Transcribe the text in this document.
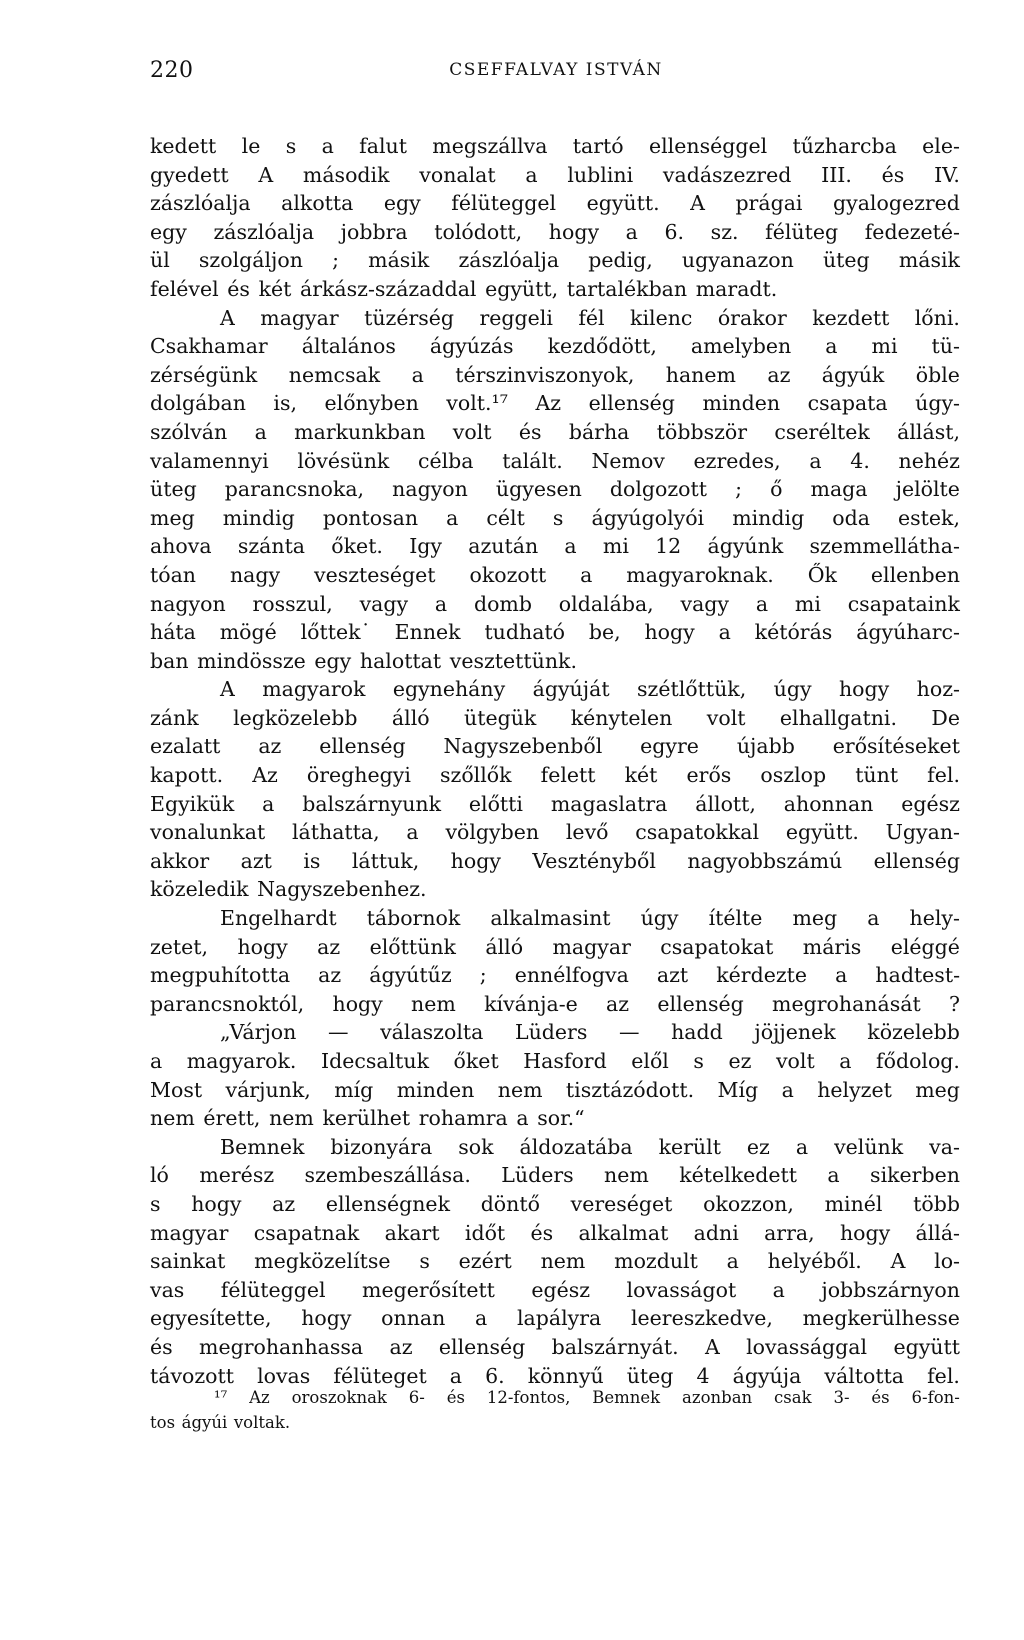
220	CSEFFALVAY ISTVÁN
kedett le s a falut megszállva tartó ellenséggel tűzharcba ele-
gyedett A második vonalat a lublini vadászezred III. és IV.
zászlóalja alkotta egy félüteggel együtt. A prágai gyalogezred
egy zászlóalja jobbra tolódott, hogy a 6. sz. félüteg fedezeté-
ül szolgáljon ; másik zászlóalja pedig, ugyanazon üteg másik
felével és két árkász-századdal együtt, tartalékban maradt.
A magyar tüzérség reggeli fél kilenc órakor kezdett lőni.
Csakhamar általános ágyúzás kezdődött, amelyben a mi tü-
zérségünk nemcsak a térszinviszonyok, hanem az ágyúk öble
dolgában is, előnyben volt.¹⁷ Az ellenség minden csapata úgy-
szólván a markunkban volt és bárha többször cseréltek állást,
valamennyi lövésünk célba talált. Nemov ezredes, a 4. nehéz
üteg parancsnoka, nagyon ügyesen dolgozott ; ő maga jelölte
meg mindig pontosan a célt s ágyúgolyói mindig oda estek,
ahova szánta őket. Igy azután a mi 12 ágyúnk szemmellátha-
tóan nagy veszteséget okozott a magyaroknak. Ők ellenben
nagyon rosszul, vagy a domb oldalába, vagy a mi csapataink
háta mögé lőttek˙ Ennek tudható be, hogy a kétórás ágyúharc-
ban mindössze egy halottat vesztettünk.
A magyarok egynehány ágyúját szétlőttük, úgy hogy hoz-
zánk legközelebb álló ütegük kénytelen volt elhallgatni. De
ezalatt az ellenség Nagyszebenből egyre újabb erősítéseket
kapott. Az öreghegyi szőllők felett két erős oszlop tünt fel.
Egyikük a balszárnyunk előtti magaslatra állott, ahonnan egész
vonalunkat láthatta, a völgyben levő csapatokkal együtt. Ugyan-
akkor azt is láttuk, hogy Vesztényből nagyobbszámú ellenség
közeledik Nagyszebenhez.
Engelhardt tábornok alkalmasint úgy ítélte meg a hely-
zetet, hogy az előttünk álló magyar csapatokat máris eléggé
megpuhította az ágyútűz ; ennélfogva azt kérdezte a hadtest-
parancsnoktól, hogy nem kívánja-e az ellenség megrohanását ?
„Várjon — válaszolta Lüders — hadd jöjjenek közelebb
a magyarok. Idecsaltuk őket Hasford elől s ez volt a fődolog.
Most várjunk, míg minden nem tisztázódott. Míg a helyzet meg
nem érett, nem kerülhet rohamra a sor.“
Bemnek bizonyára sok áldozatába került ez a velünk va-
ló merész szembeszállása. Lüders nem kételkedett a sikerben
s hogy az ellenségnek döntő vereséget okozzon, minél több
magyar csapatnak akart időt és alkalmat adni arra, hogy állá-
sainkat megközelítse s ezért nem mozdult a helyéből. A lo-
vas félüteggel megerősített egész lovasságot a jobbszárnyon
egyesítette, hogy onnan a lapályra leereszkedve, megkerülhesse
és megrohanhassa az ellenség balszárnyát. A lovassággal együtt
távozott lovas félüteget a 6. könnyű üteg 4 ágyúja váltotta fel.
¹⁷ Az oroszoknak 6- és 12-fontos, Bemnek azonban csak 3- és 6-fon-
tos ágyúi voltak.
